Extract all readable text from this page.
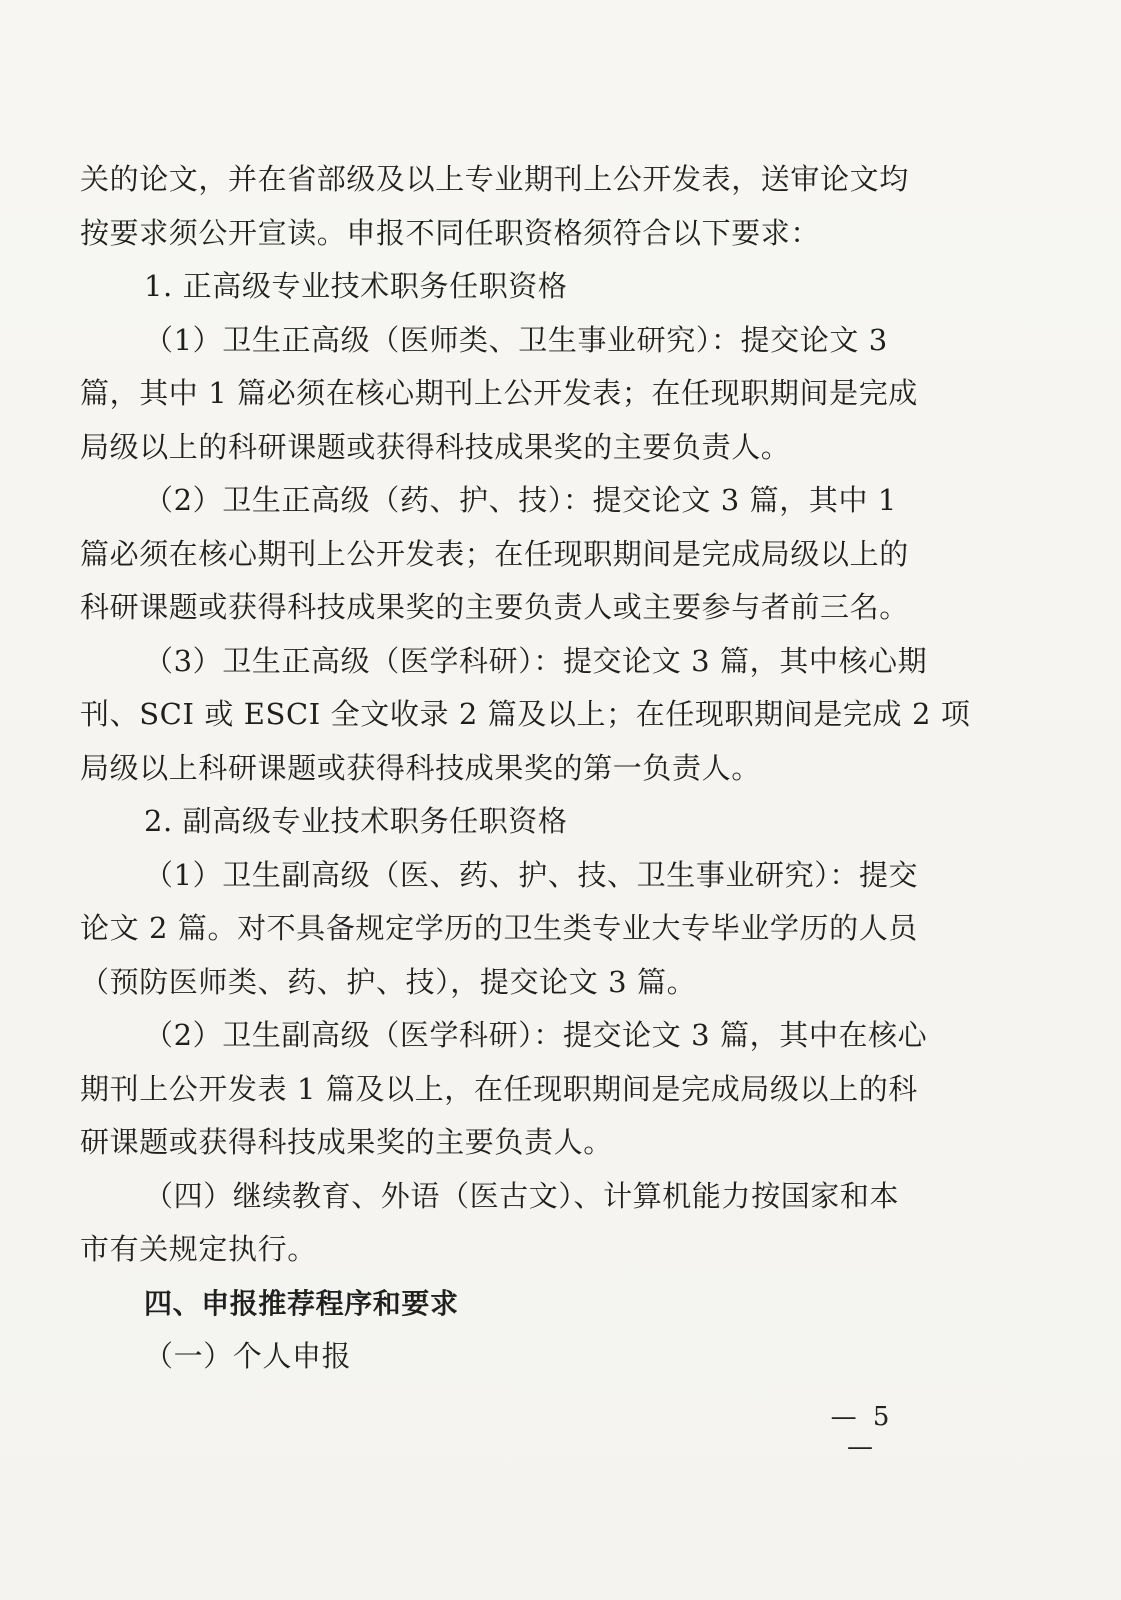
关的论文，并在省部级及以上专业期刊上公开发表，送审论文均
按要求须公开宣读。申报不同任职资格须符合以下要求：
1. 正高级专业技术职务任职资格
（1）卫生正高级（医师类、卫生事业研究）：提交论文 3
篇，其中 1 篇必须在核心期刊上公开发表；在任现职期间是完成
局级以上的科研课题或获得科技成果奖的主要负责人。
（2）卫生正高级（药、护、技）：提交论文 3 篇，其中 1
篇必须在核心期刊上公开发表；在任现职期间是完成局级以上的
科研课题或获得科技成果奖的主要负责人或主要参与者前三名。
（3）卫生正高级（医学科研）：提交论文 3 篇，其中核心期
刊、SCI 或 ESCI 全文收录 2 篇及以上；在任现职期间是完成 2 项
局级以上科研课题或获得科技成果奖的第一负责人。
2. 副高级专业技术职务任职资格
（1）卫生副高级（医、药、护、技、卫生事业研究）：提交
论文 2 篇。对不具备规定学历的卫生类专业大专毕业学历的人员
（预防医师类、药、护、技），提交论文 3 篇。
（2）卫生副高级（医学科研）：提交论文 3 篇，其中在核心
期刊上公开发表 1 篇及以上，在任现职期间是完成局级以上的科
研课题或获得科技成果奖的主要负责人。
（四）继续教育、外语（医古文）、计算机能力按国家和本
市有关规定执行。
四、申报推荐程序和要求
（一）个人申报
— 5 —
